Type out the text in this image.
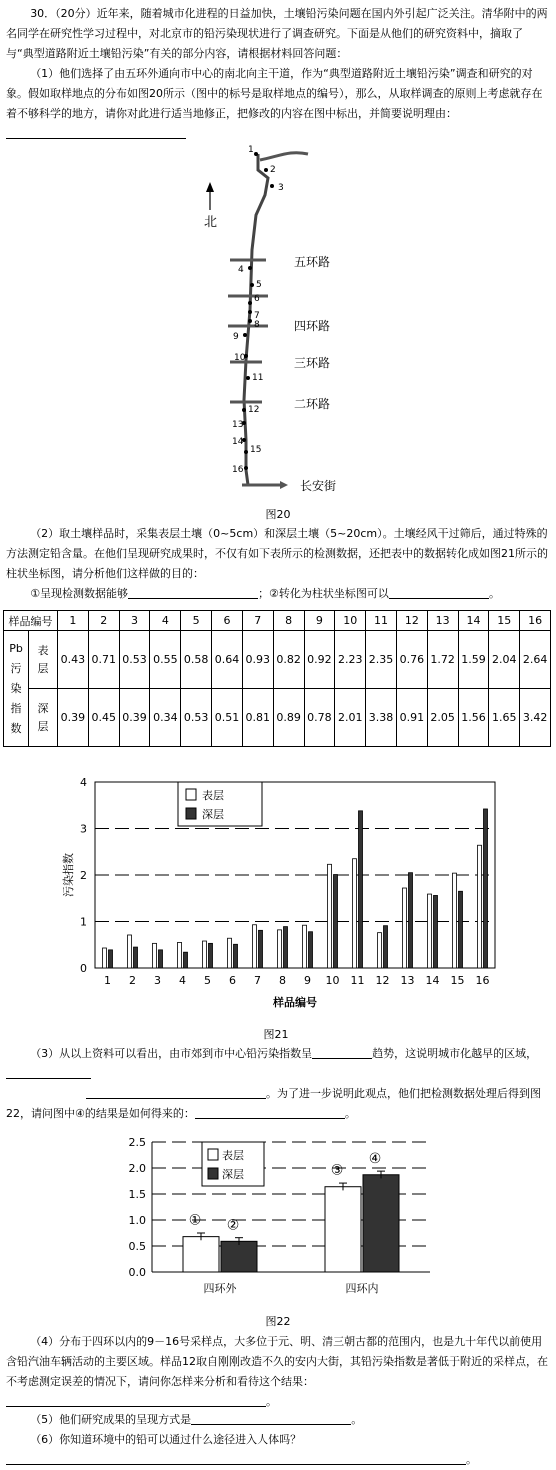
30．（20分）近年来，随着城市化进程的日益加快，土壤铅污染问题在国内外引起广泛关注。清华附中的两名同学在研究性学习过程中，对北京市的铅污染现状进行了调查研究。下面是从他们的研究资料中，摘取了与“典型道路附近土壤铅污染”有关的部分内容，请根据材料回答问题：

（1）他们选择了由五环外通向市中心的南北向主干道，作为“典型道路附近土壤铅污染”调查和研究的对象。假如取样地点的分布如图20所示（图中的标号是取样地点的编号），那么，从取样调查的原则上考虑就存在着不够科学的地方，请你对此进行适当地修正，把修改的内容在图中标出，并简要说明理由：

北
五环路
四环路
三环路
二环路
长安街
1
2
3
4
5
6
7
8
9
10
11
12
13
14
15
16
图20

（2）取土壤样品时，采集表层土壤（0~5cm）和深层土壤（5~20cm）。土壤经风干过筛后，通过特殊的方法测定铅含量。在他们呈现研究成果时，不仅有如下表所示的检测数据，还把表中的数据转化成如图21所示的柱状坐标图，请分析他们这样做的目的：

①呈现检测数据能够	；②转化为柱状坐标图可以	。

样品编号		1	2	3	4	5	6	7	8	9	10	11	12	13	14	15	16
Pb
污
染
指
数	表
层	0.43	0.71	0.53	0.55	0.58	0.64	0.93	0.82	0.92	2.23	2.35	0.76	1.72	1.59	2.04	2.64
	深
层	0.39	0.45	0.39	0.34	0.53	0.51	0.81	0.89	0.78	2.01	3.38	0.91	2.05	1.56	1.65	3.42
0
1
2
3
4
污染指数
样品编号
1 2 3 4 5 6 7 8 9 10 11 12 13 14 15 16
表层
深层
图21

（3）从以上资料可以看出，由市郊到市中心铅污染指数呈	趋势，这说明城市化越早的区域，

。为了进一步说明此观点，他们把检测数据处理后得到图22，请问图中④的结果是如何得来的：	。

0.0
0.5
1.0
1.5
2.0
2.5
① ②
四环外
③
④
四环内
表层
深层
图22

（4）分布于四环以内的9－16号采样点，大多位于元、明、清三朝古都的范围内，也是九十年代以前使用含铅汽油车辆活动的主要区域。样品12取自刚刚改造不久的安内大街，其铅污染指数是著低于附近的采样点，在不考虑测定误差的情况下，请问你怎样来分析和看待这个结果：
。

（5）他们研究成果的呈现方式是	。

（6）你知道环境中的铅可以通过什么途径进入人体吗？
。
